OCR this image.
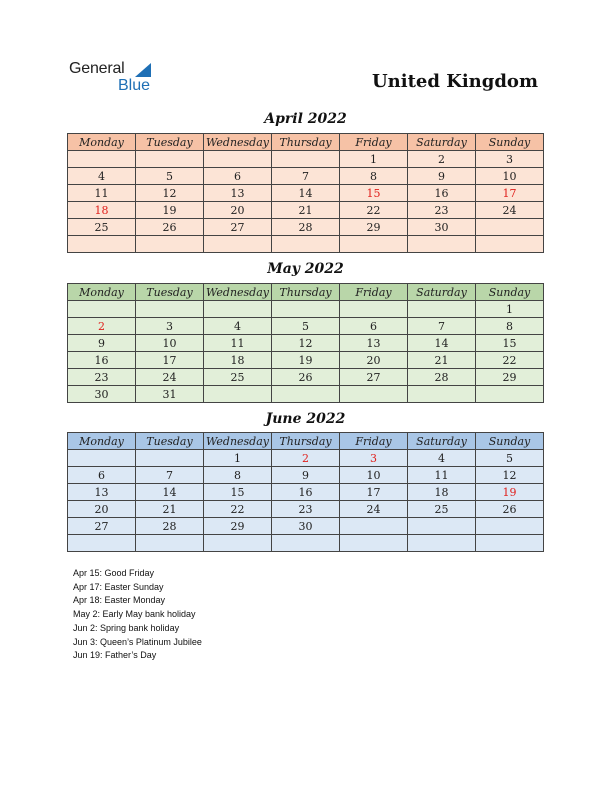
General
Blue	United Kingdom
April 2022
Monday	Tuesday	Wednesday	Thursday	Friday	Saturday	Sunday
				1	2	3
4	5	6	7	8	9	10
11	12	13	14	15	16	17
18	19	20	21	22	23	24
25	26	27	28	29	30	

May 2022
Monday	Tuesday	Wednesday	Thursday	Friday	Saturday	Sunday
						1
2	3	4	5	6	7	8
9	10	11	12	13	14	15
16	17	18	19	20	21	22
23	24	25	26	27	28	29
30	31					
June 2022
Monday	Tuesday	Wednesday	Thursday	Friday	Saturday	Sunday
		1	2	3	4	5
6	7	8	9	10	11	12
13	14	15	16	17	18	19
20	21	22	23	24	25	26
27	28	29	30			

Apr 15: Good Friday
Apr 17: Easter Sunday
Apr 18: Easter Monday
May 2: Early May bank holiday
Jun 2: Spring bank holiday
Jun 3: Queen’s Platinum Jubilee
Jun 19: Father’s Day
